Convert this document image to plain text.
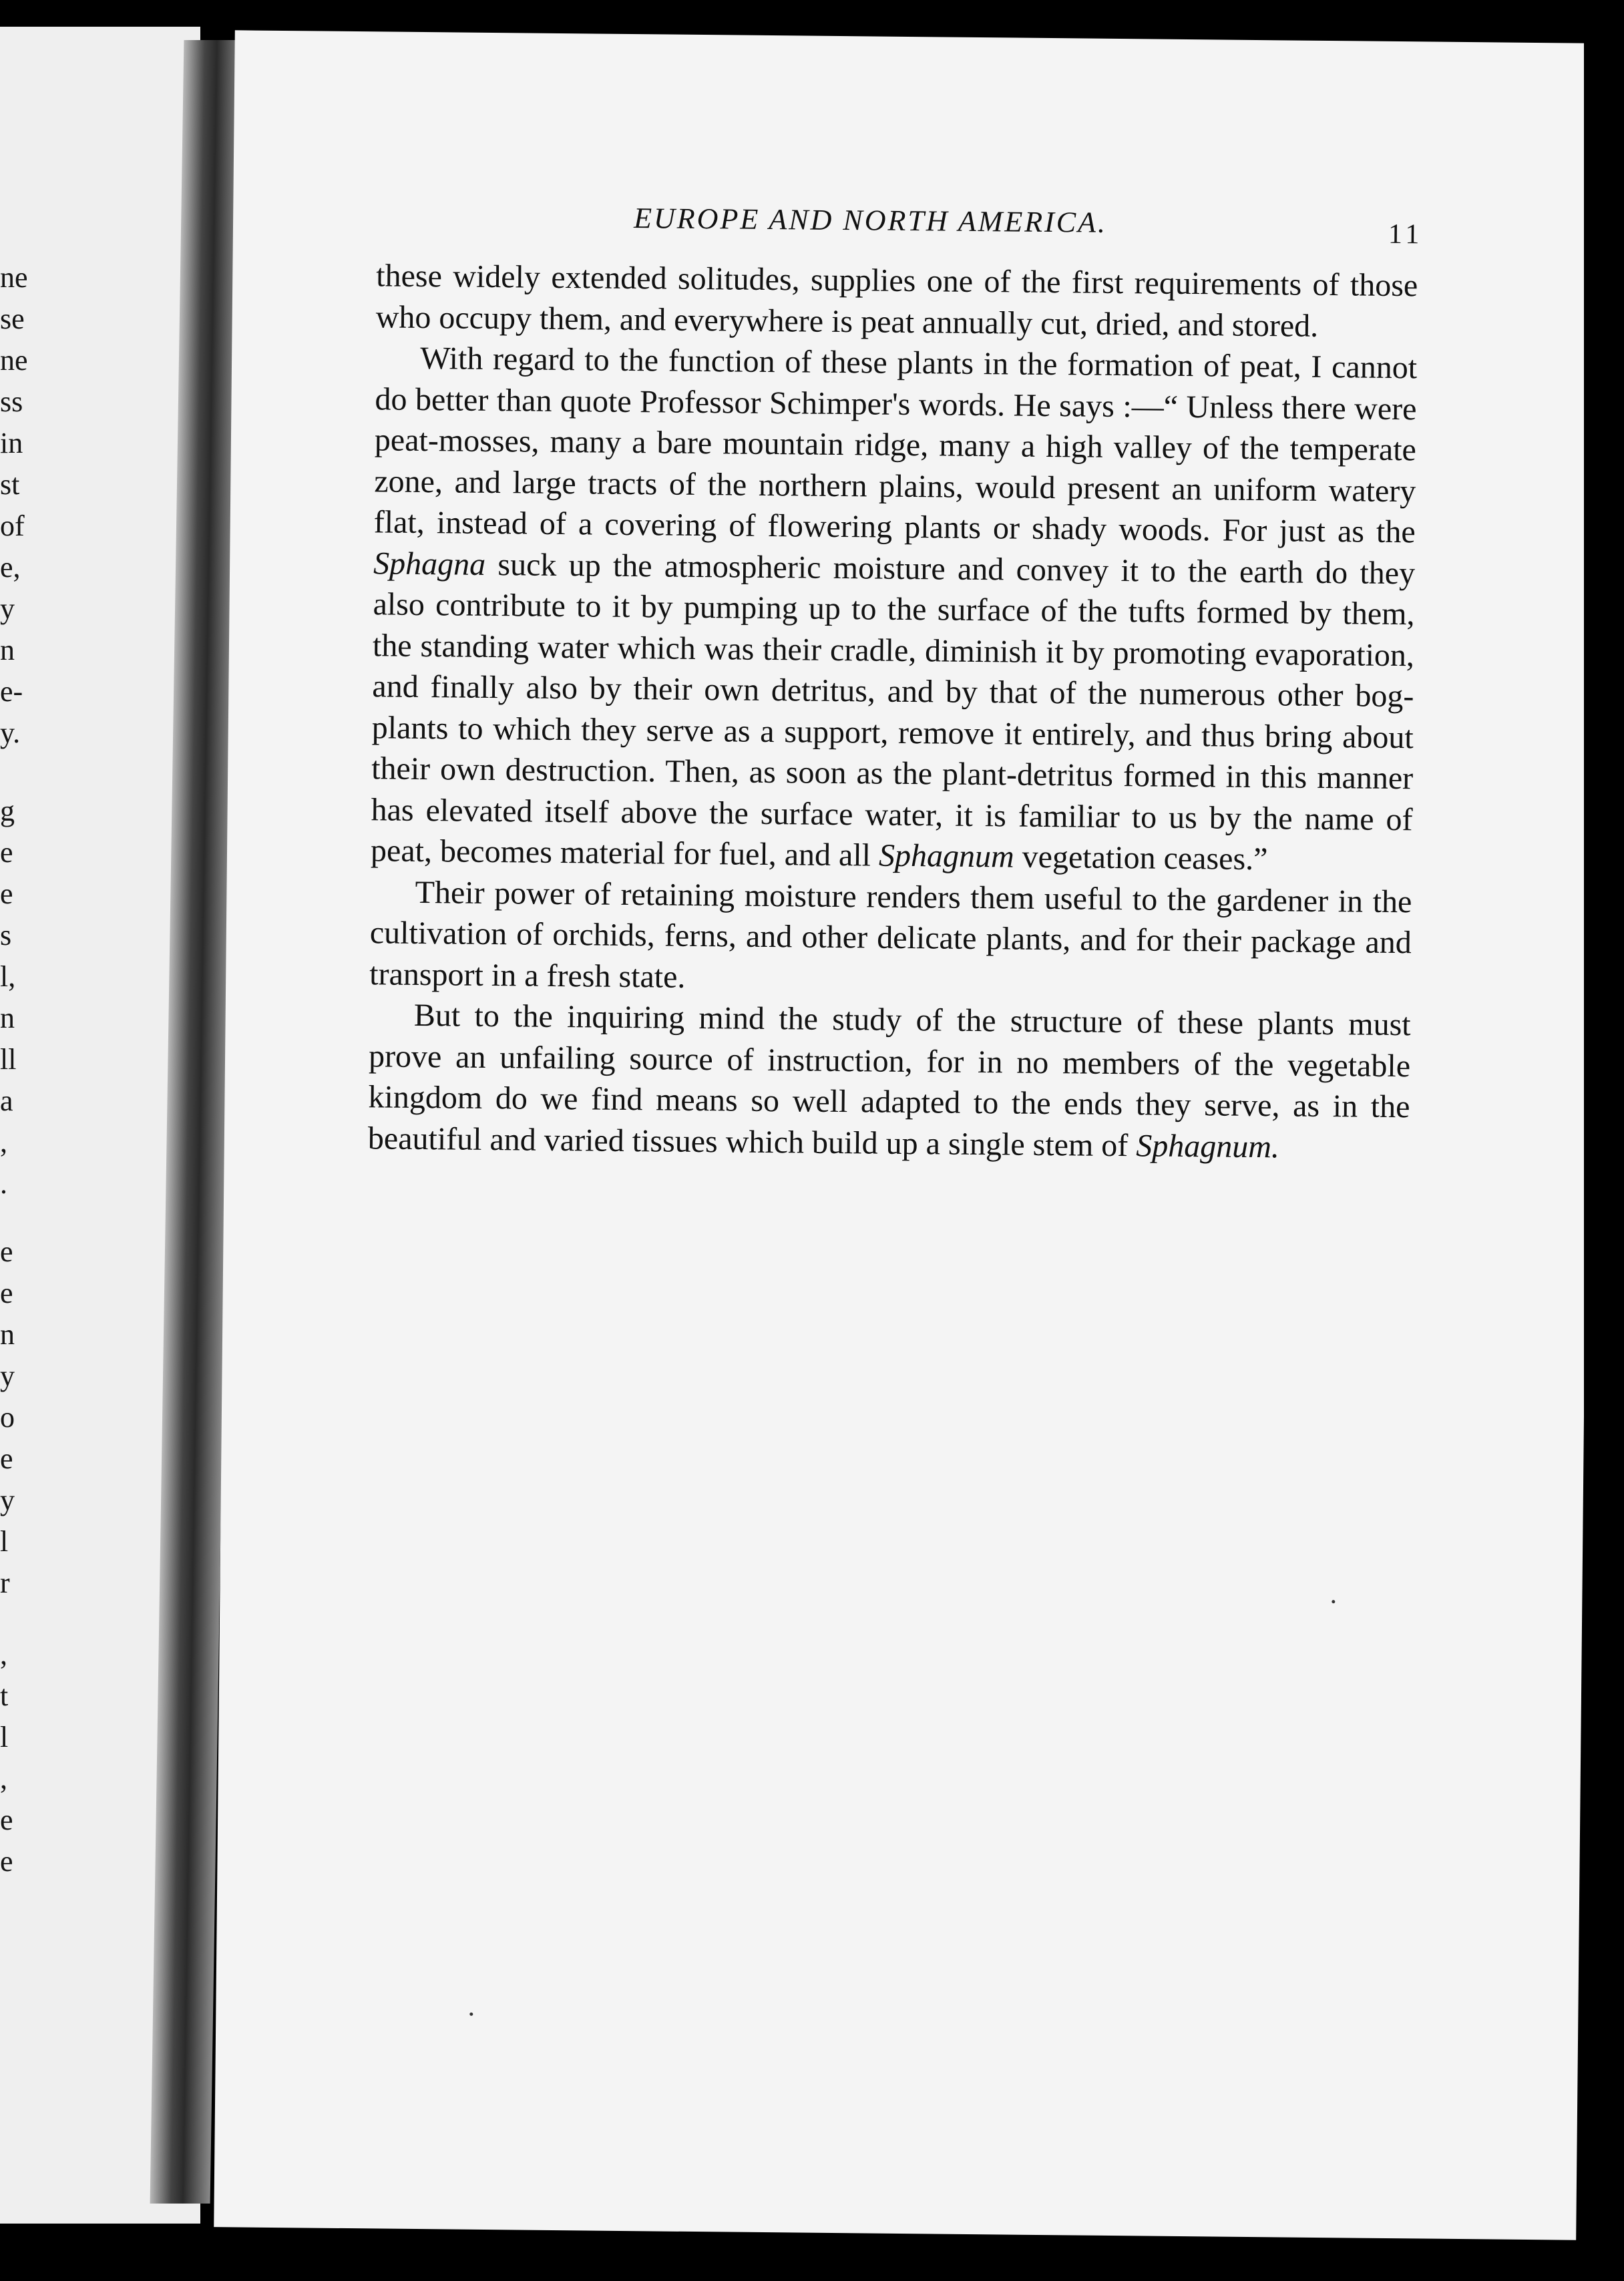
ne
se
ne
ss
in
st
of
e,
y
n
e-
y.
g
e
e
s
l,
n
ll
a
,
.
e
e
n
y
o
e
y
l
r
,
t
l
,
e
e
EUROPE AND NORTH AMERICA.	11

these widely extended solitudes, supplies one of the first requirements of those who occupy them, and everywhere is peat annually cut, dried, and stored.

With regard to the function of these plants in the formation of peat, I cannot do better than quote Professor Schimper's words. He says :—“ Unless there were peat-mosses, many a bare mountain ridge, many a high valley of the temperate zone, and large tracts of the northern plains, would present an uniform watery flat, instead of a covering of flowering plants or shady woods. For just as the Sphagna suck up the atmospheric moisture and convey it to the earth do they also contribute to it by pumping up to the surface of the tufts formed by them, the standing water which was their cradle, diminish it by promoting evaporation, and finally also by their own detritus, and by that of the numerous other bog-plants to which they serve as a support, remove it entirely, and thus bring about their own destruction. Then, as soon as the plant-detritus formed in this manner has elevated itself above the surface water, it is familiar to us by the name of peat, becomes material for fuel, and all Sphagnum vegetation ceases.”

Their power of retaining moisture renders them useful to the gardener in the cultivation of orchids, ferns, and other delicate plants, and for their package and transport in a fresh state.

But to the inquiring mind the study of the structure of these plants must prove an unfailing source of instruction, for in no members of the vegetable kingdom do we find means so well adapted to the ends they serve, as in the beautiful and varied tissues which build up a single stem of Sphagnum.
